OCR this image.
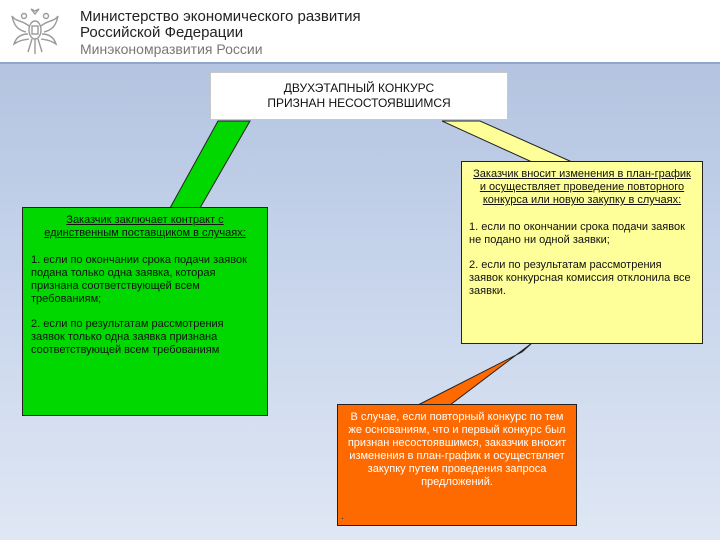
Министерство экономического развития
Российской Федерации
Минэкономразвития России
ДВУХЭТАПНЫЙ КОНКУРС
ПРИЗНАН НЕСОСТОЯВШИМСЯ
Заказчик заключает контракт с единственным поставщиком в случаях:
1. если по окончании срока подачи заявок подана только одна заявка, которая признана соответствующей всем требованиям;
2. если по результатам рассмотрения заявок только одна заявка признана соответствующей всем требованиям
Заказчик вносит изменения в план-график и осуществляет проведение повторного конкурса или новую закупку в случаях:
1. если по окончании срока подачи заявок не подано ни одной заявки;
2. если по результатам рассмотрения заявок конкурсная комиссия отклонила все заявки.
В случае, если повторный конкурс по тем же основаниям, что и первый конкурс был признан несостоявшимся, заказчик вносит изменения в план-график и осуществляет закупку путем проведения запроса предложений.
.
